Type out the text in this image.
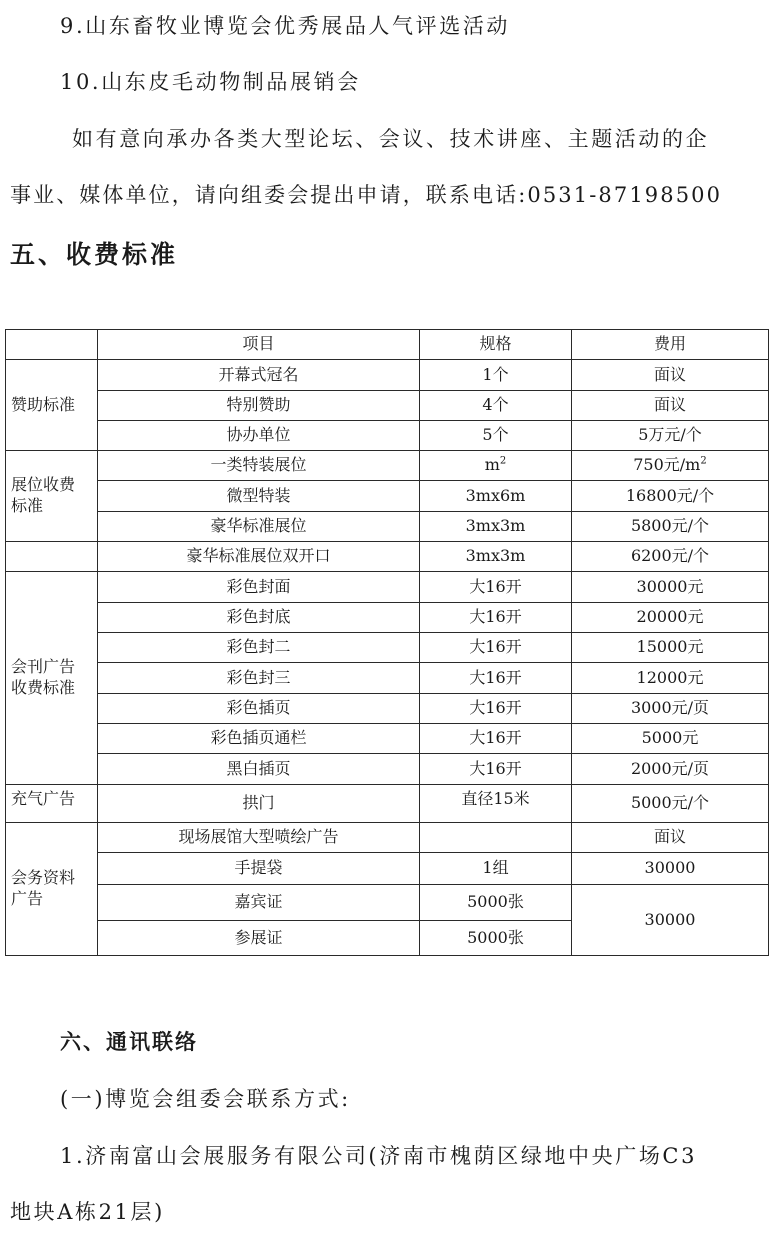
9.山东畜牧业博览会优秀展品人气评选活动
10.山东皮毛动物制品展销会
如有意向承办各类大型论坛、会议、技术讲座、主题活动的企
事业、媒体单位，请向组委会提出申请，联系电话:0531-87198500
五、收费标准
	项目	规格	费用
赞助标准	开幕式冠名	1个	面议
	特别赞助	4个	面议
	协办单位	5个	5万元/个
展位收费
标准	一类特装展位	$m^2$	750元$/m^2$
	微型特装	3mx6m	16800元/个
	豪华标准展位	3mx3m	5800元/个
	豪华标准展位双开口	3mx3m	6200元/个
会刊广告
收费标准	彩色封面	大16开	30000元
	彩色封底	大16开	20000元
	彩色封二	大16开	15000元
	彩色封三	大16开	12000元
	彩色插页	大16开	3000元/页
	彩色插页通栏	大16开	5000元
	黑白插页	大16开	2000元/页
充气广告	拱门	直径15米	5000元/个
会务资料
广告	现场展馆大型喷绘广告		面议
	手提袋	1组	30000
	嘉宾证	5000张	30000
	参展证	5000张	
六、通讯联络
(一)博览会组委会联系方式:
1.济南富山会展服务有限公司(济南市槐荫区绿地中央广场C3
地块A栋21层)
